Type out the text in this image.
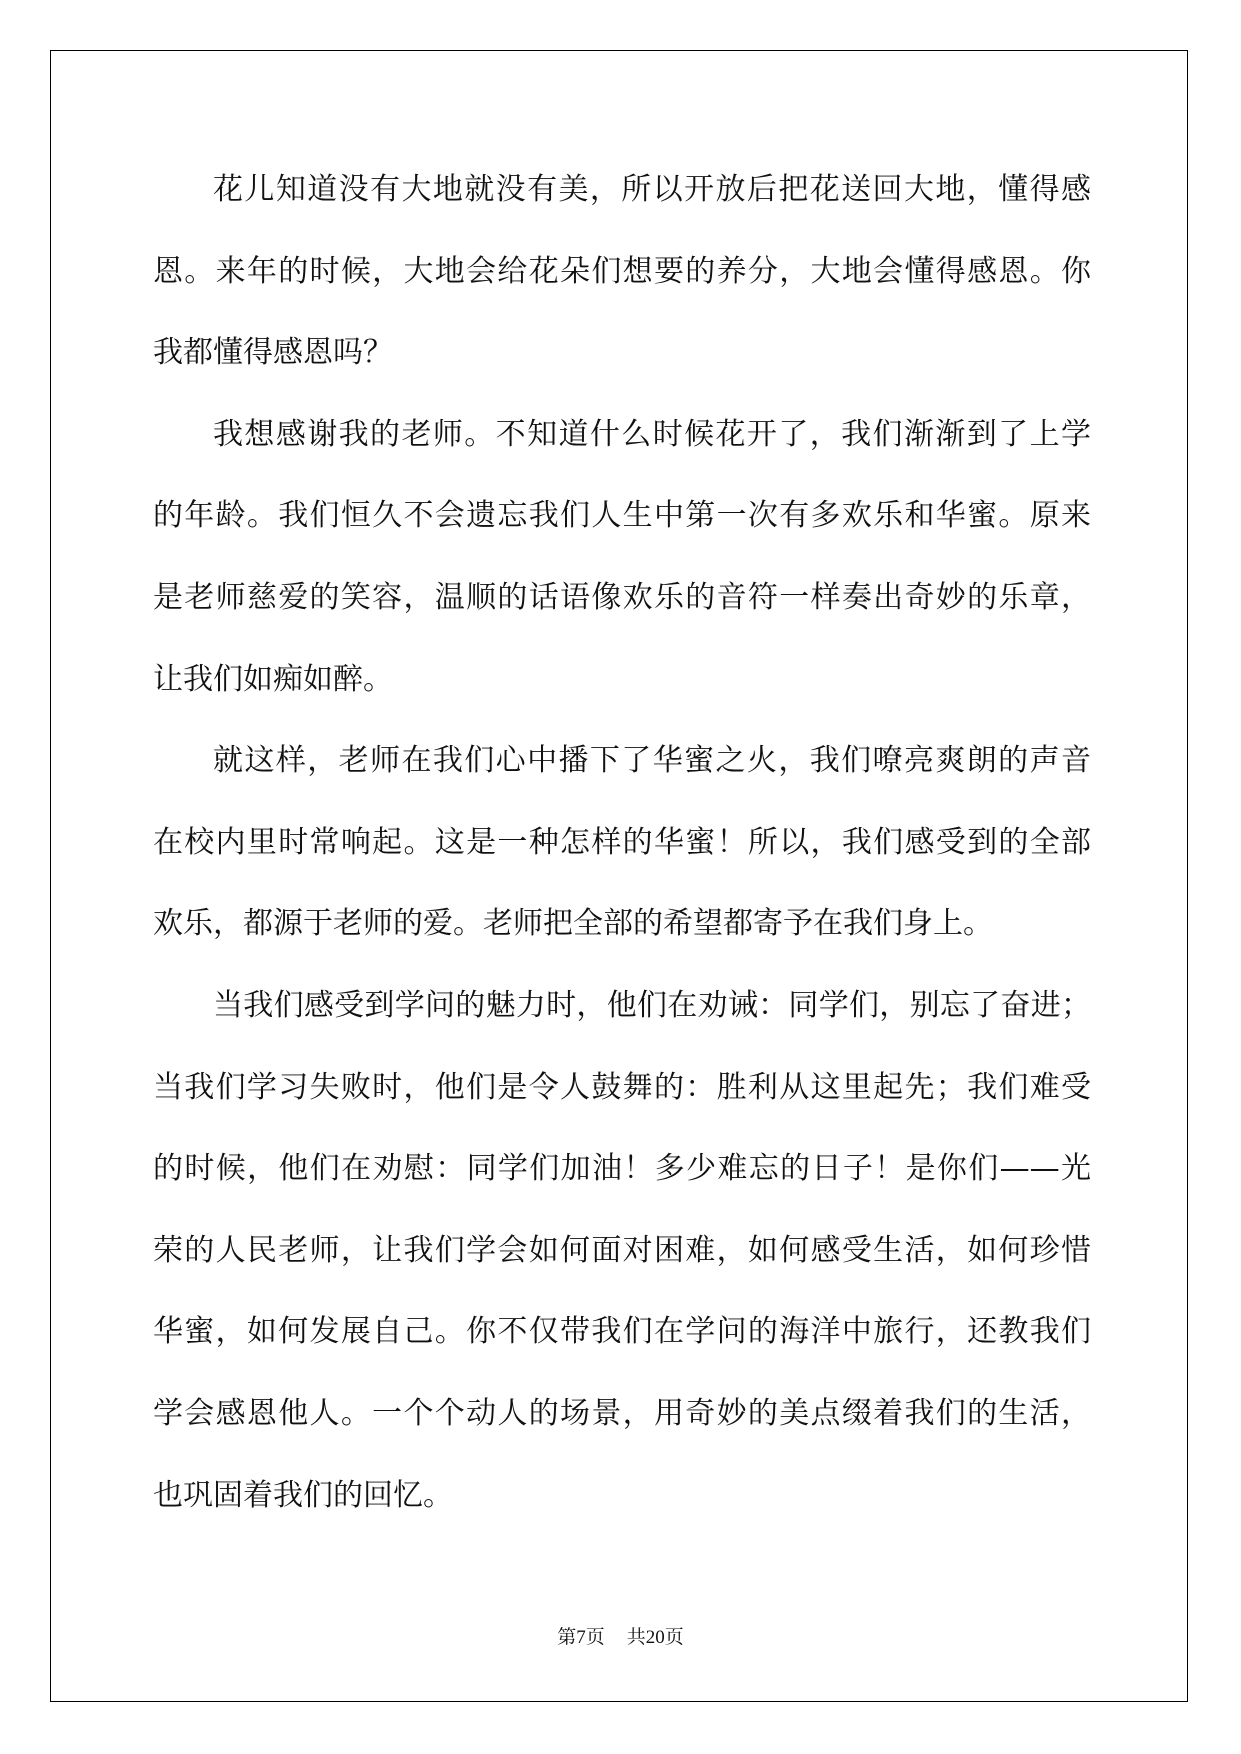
花儿知道没有大地就没有美，所以开放后把花送回大地，懂得感
恩。来年的时候，大地会给花朵们想要的养分，大地会懂得感恩。你
我都懂得感恩吗？
我想感谢我的老师。不知道什么时候花开了，我们渐渐到了上学
的年龄。我们恒久不会遗忘我们人生中第一次有多欢乐和华蜜。原来
是老师慈爱的笑容，温顺的话语像欢乐的音符一样奏出奇妙的乐章，
让我们如痴如醉。
就这样，老师在我们心中播下了华蜜之火，我们嘹亮爽朗的声音
在校内里时常响起。这是一种怎样的华蜜！所以，我们感受到的全部
欢乐，都源于老师的爱。老师把全部的希望都寄予在我们身上。
当我们感受到学问的魅力时，他们在劝诫：同学们，别忘了奋进；
当我们学习失败时，他们是令人鼓舞的：胜利从这里起先；我们难受
的时候，他们在劝慰：同学们加油！多少难忘的日子！是你们——光
荣的人民老师，让我们学会如何面对困难，如何感受生活，如何珍惜
华蜜，如何发展自己。你不仅带我们在学问的海洋中旅行，还教我们
学会感恩他人。一个个动人的场景，用奇妙的美点缀着我们的生活，
也巩固着我们的回忆。
第7页 共20页
